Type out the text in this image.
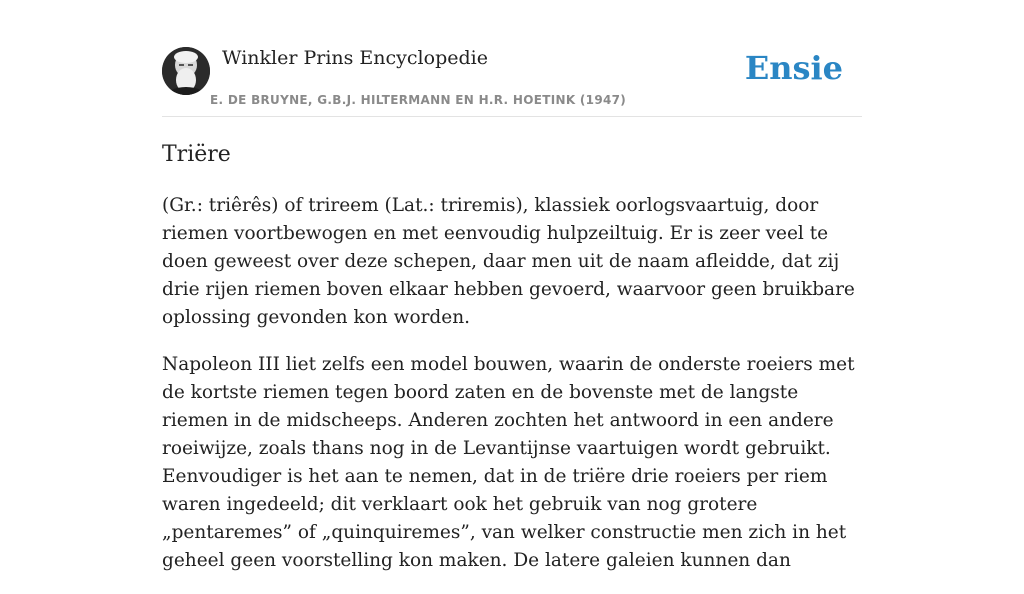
Winkler Prins Encyclopedie
E. DE BRUYNE, G.B.J. HILTERMANN EN H.R. HOETINK (1947)
Ensie
Triëre

(Gr.: triêrês) of trireem (Lat.: triremis), klassiek oorlogsvaartuig, door riemen voortbewogen en met eenvoudig hulpzeiltuig. Er is zeer veel te doen geweest over deze schepen, daar men uit de naam afleidde, dat zij drie rijen riemen boven elkaar hebben gevoerd, waarvoor geen bruikbare oplossing gevonden kon worden.

Napoleon III liet zelfs een model bouwen, waarin de onderste roeiers met de kortste riemen tegen boord zaten en de bovenste met de langste riemen in de midscheeps. Anderen zochten het antwoord in een andere roeiwijze, zoals thans nog in de Levantijnse vaartuigen wordt gebruikt. Eenvoudiger is het aan te nemen, dat in de triëre drie roeiers per riem waren ingedeeld; dit verklaart ook het gebruik van nog grotere „pentaremes” of „quinquiremes”, van welker constructie men zich in het geheel geen voorstelling kon maken. De latere galeien kunnen dan
